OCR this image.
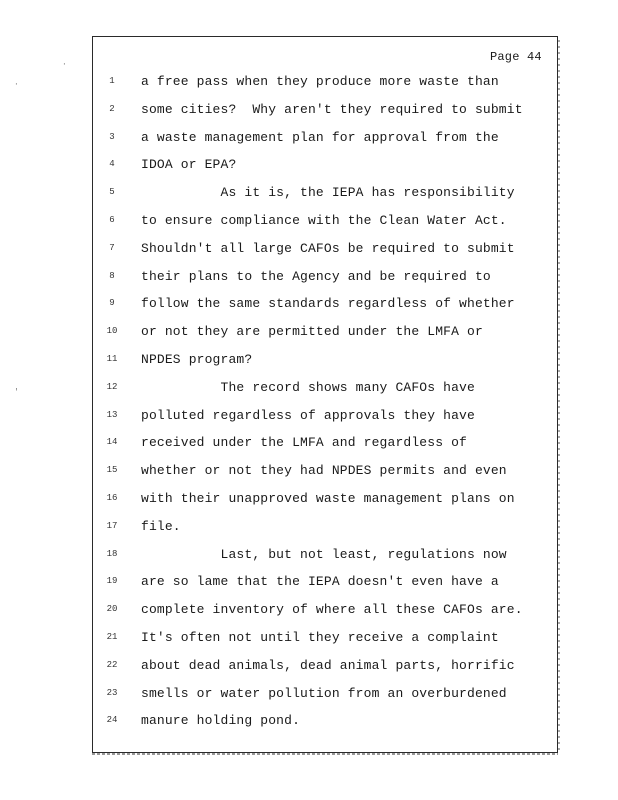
·
·
'
Page 44
1
2
3
4
5
6
7
8
9
10
11
12
13
14
15
16
17
18
19
20
21
22
23
24
a free pass when they produce more waste than
some cities?  Why aren't they required to submit
a waste management plan for approval from the
IDOA or EPA?
As it is, the IEPA has responsibility
to ensure compliance with the Clean Water Act.
Shouldn't all large CAFOs be required to submit
their plans to the Agency and be required to
follow the same standards regardless of whether
or not they are permitted under the LMFA or
NPDES program?
The record shows many CAFOs have
polluted regardless of approvals they have
received under the LMFA and regardless of
whether or not they had NPDES permits and even
with their unapproved waste management plans on
file.
Last, but not least, regulations now
are so lame that the IEPA doesn't even have a
complete inventory of where all these CAFOs are.
It's often not until they receive a complaint
about dead animals, dead animal parts, horrific
smells or water pollution from an overburdened
manure holding pond.
